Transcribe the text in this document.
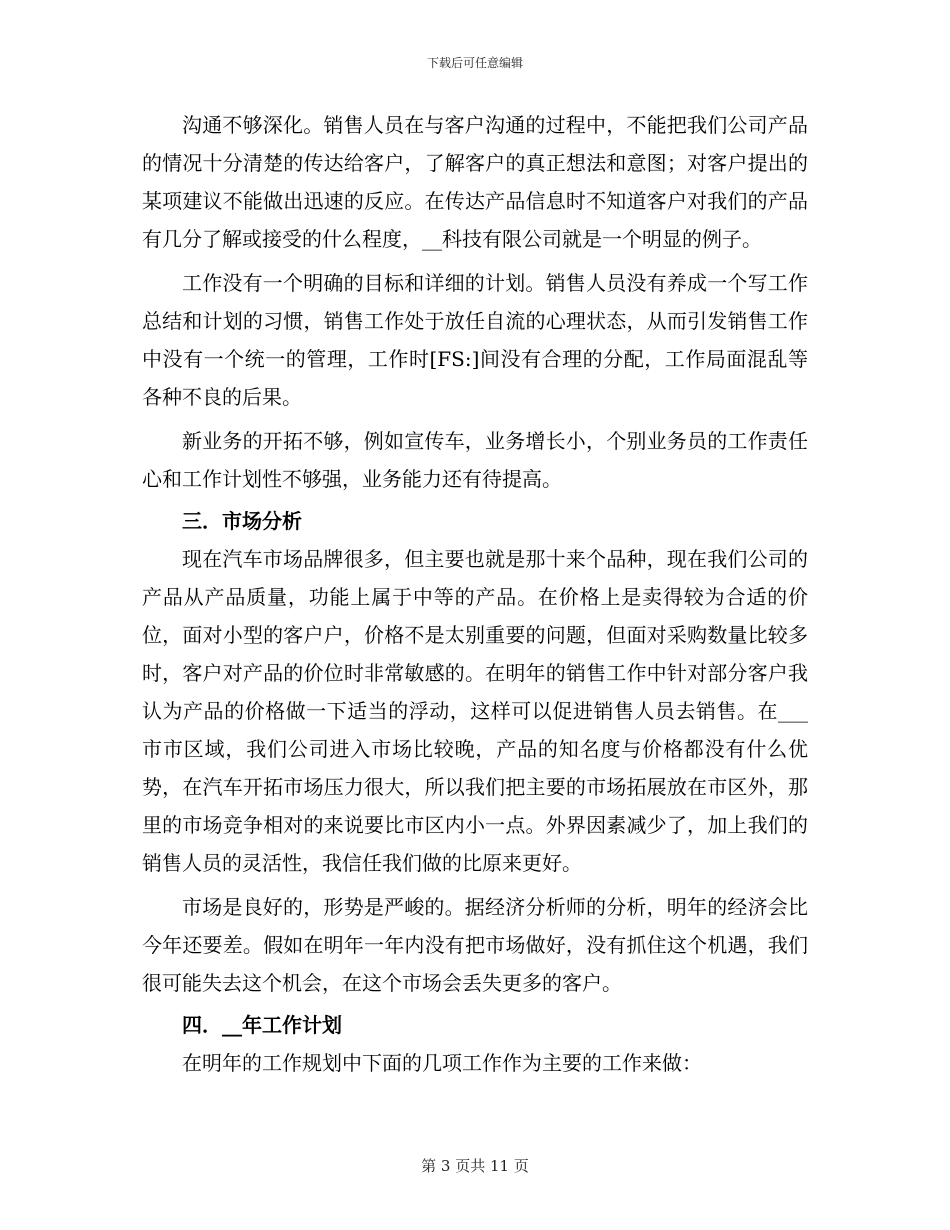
下载后可任意编辑

沟通不够深化。销售人员在与客户沟通的过程中，不能把我们公司产品的情况十分清楚的传达给客户，了解客户的真正想法和意图；对客户提出的某项建议不能做出迅速的反应。在传达产品信息时不知道客户对我们的产品有几分了解或接受的什么程度，__科技有限公司就是一个明显的例子。

工作没有一个明确的目标和详细的计划。销售人员没有养成一个写工作总结和计划的习惯，销售工作处于放任自流的心理状态，从而引发销售工作中没有一个统一的管理，工作时[FS:]间没有合理的分配，工作局面混乱等各种不良的后果。

新业务的开拓不够，例如宣传车，业务增长小，个别业务员的工作责任心和工作计划性不够强，业务能力还有待提高。

三．市场分析

现在汽车市场品牌很多，但主要也就是那十来个品种，现在我们公司的产品从产品质量，功能上属于中等的产品。在价格上是卖得较为合适的价位，面对小型的客户户，价格不是太别重要的问题，但面对采购数量比较多时，客户对产品的价位时非常敏感的。在明年的销售工作中针对部分客户我认为产品的价格做一下适当的浮动，这样可以促进销售人员去销售。在___市市区域，我们公司进入市场比较晚，产品的知名度与价格都没有什么优势，在汽车开拓市场压力很大，所以我们把主要的市场拓展放在市区外，那里的市场竞争相对的来说要比市区内小一点。外界因素减少了，加上我们的销售人员的灵活性，我信任我们做的比原来更好。

市场是良好的，形势是严峻的。据经济分析师的分析，明年的经济会比今年还要差。假如在明年一年内没有把市场做好，没有抓住这个机遇，我们很可能失去这个机会，在这个市场会丢失更多的客户。

四．__年工作计划

在明年的工作规划中下面的几项工作作为主要的工作来做：

第 3 页共 11 页
